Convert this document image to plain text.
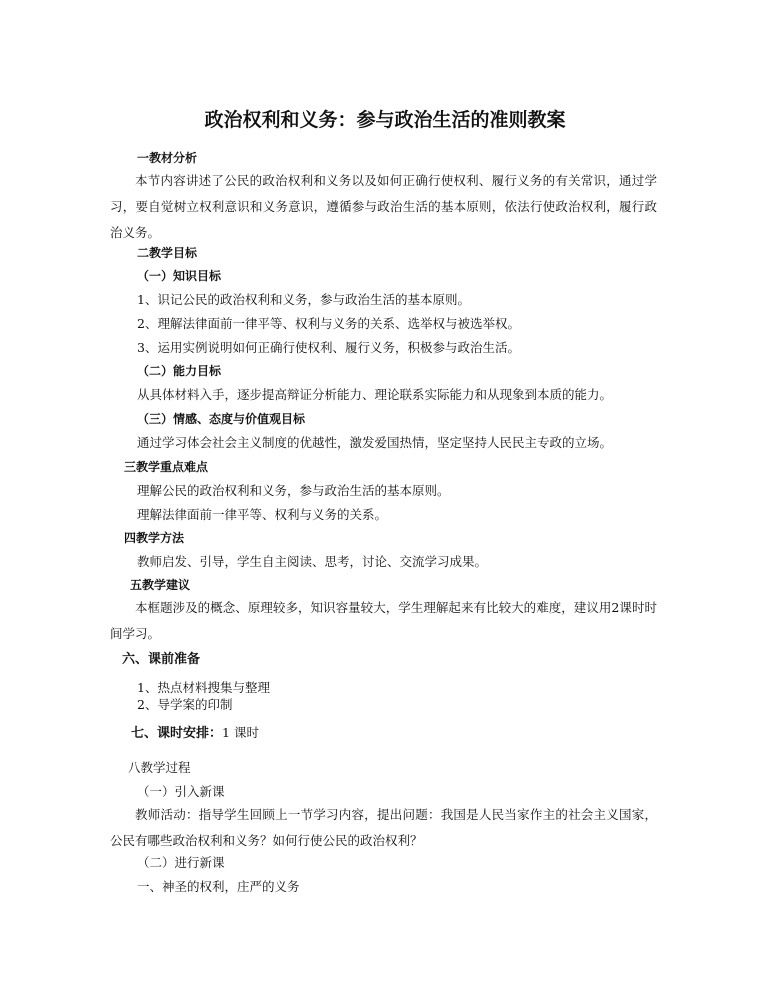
政治权利和义务：参与政治生活的准则教案
一教材分析
本节内容讲述了公民的政治权利和义务以及如何正确行使权利、履行义务的有关常识，通过学习，要自觉树立权利意识和义务意识，遵循参与政治生活的基本原则，依法行使政治权利，履行政治义务。
二教学目标
（一）知识目标
1、识记公民的政治权利和义务，参与政治生活的基本原则。
2、理解法律面前一律平等、权利与义务的关系、选举权与被选举权。
3、运用实例说明如何正确行使权利、履行义务，积极参与政治生活。
（二）能力目标
从具体材料入手，逐步提高辩证分析能力、理论联系实际能力和从现象到本质的能力。
（三）情感、态度与价值观目标
通过学习体会社会主义制度的优越性，激发爱国热情，坚定坚持人民民主专政的立场。
三教学重点难点
理解公民的政治权利和义务，参与政治生活的基本原则。
理解法律面前一律平等、权利与义务的关系。
四教学方法
教师启发、引导，学生自主阅读、思考，讨论、交流学习成果。
五教学建议
本框题涉及的概念、原理较多，知识容量较大，学生理解起来有比较大的难度，建议用2课时时间学习。
六、课前准备
1、热点材料搜集与整理
2、导学案的印制
七、课时安排：1 课时
八教学过程
（一）引入新课
教师活动：指导学生回顾上一节学习内容，提出问题：我国是人民当家作主的社会主义国家，公民有哪些政治权利和义务？如何行使公民的政治权利？
（二）进行新课
一、神圣的权利，庄严的义务
